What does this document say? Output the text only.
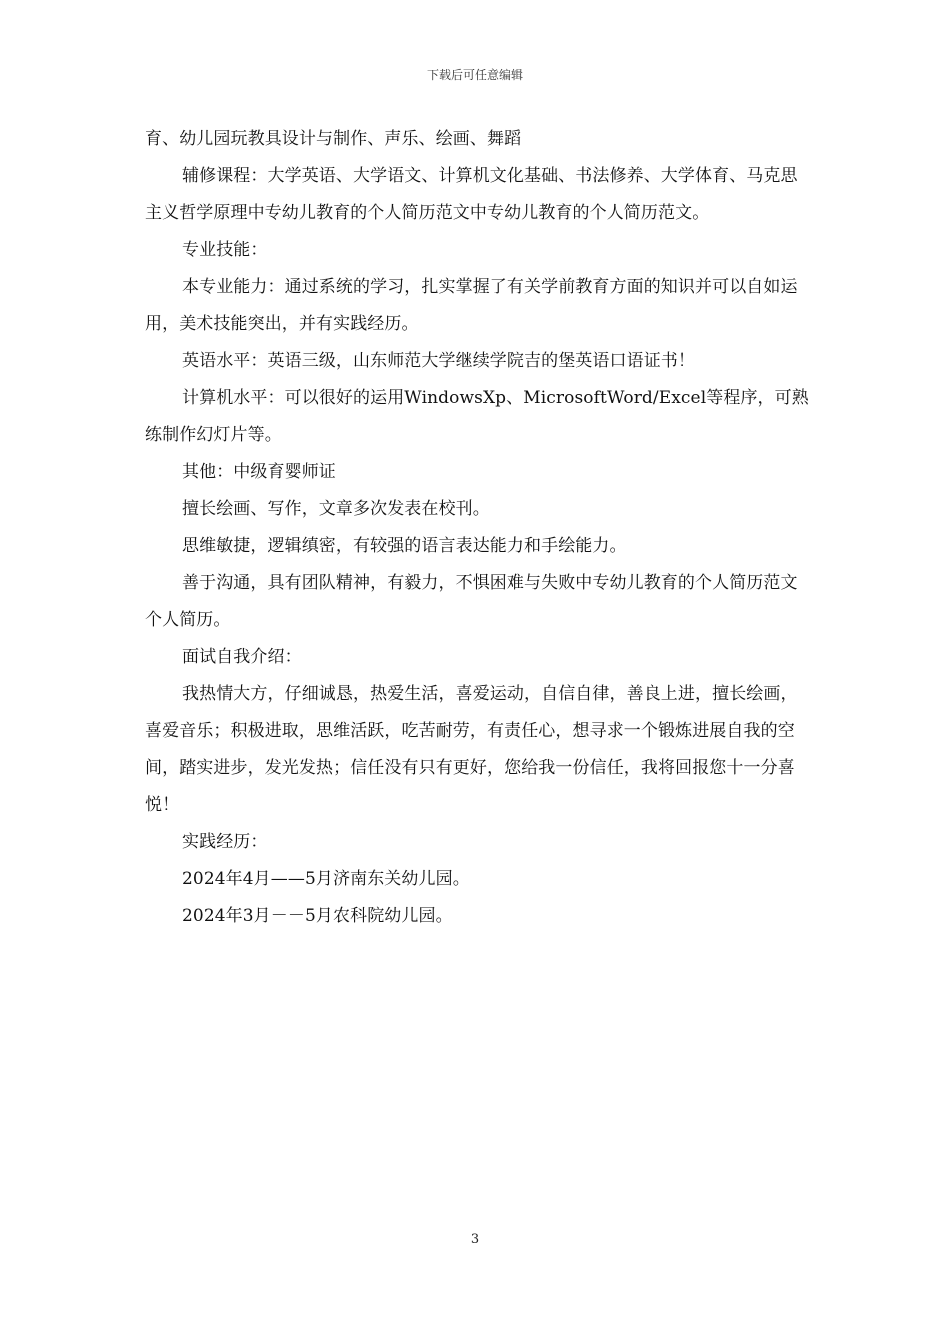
下载后可任意编辑

育、幼儿园玩教具设计与制作、声乐、绘画、舞蹈

辅修课程：大学英语、大学语文、计算机文化基础、书法修养、大学体育、马克思主义哲学原理中专幼儿教育的个人简历范文中专幼儿教育的个人简历范文。

专业技能：

本专业能力：通过系统的学习，扎实掌握了有关学前教育方面的知识并可以自如运用，美术技能突出，并有实践经历。

英语水平：英语三级，山东师范大学继续学院吉的堡英语口语证书！

计算机水平：可以很好的运用WindowsXp、MicrosoftWord/Excel等程序，可熟练制作幻灯片等。

其他：中级育婴师证

擅长绘画、写作，文章多次发表在校刊。

思维敏捷，逻辑缜密，有较强的语言表达能力和手绘能力。

善于沟通，具有团队精神，有毅力，不惧困难与失败中专幼儿教育的个人简历范文个人简历。

面试自我介绍：

我热情大方，仔细诚恳，热爱生活，喜爱运动，自信自律，善良上进，擅长绘画，喜爱音乐；积极进取，思维活跃，吃苦耐劳，有责任心，想寻求一个锻炼进展自我的空间，踏实进步，发光发热；信任没有只有更好，您给我一份信任，我将回报您十一分喜悦！

实践经历：

2024年4月——5月济南东关幼儿园。

2024年3月－－5月农科院幼儿园。

3
